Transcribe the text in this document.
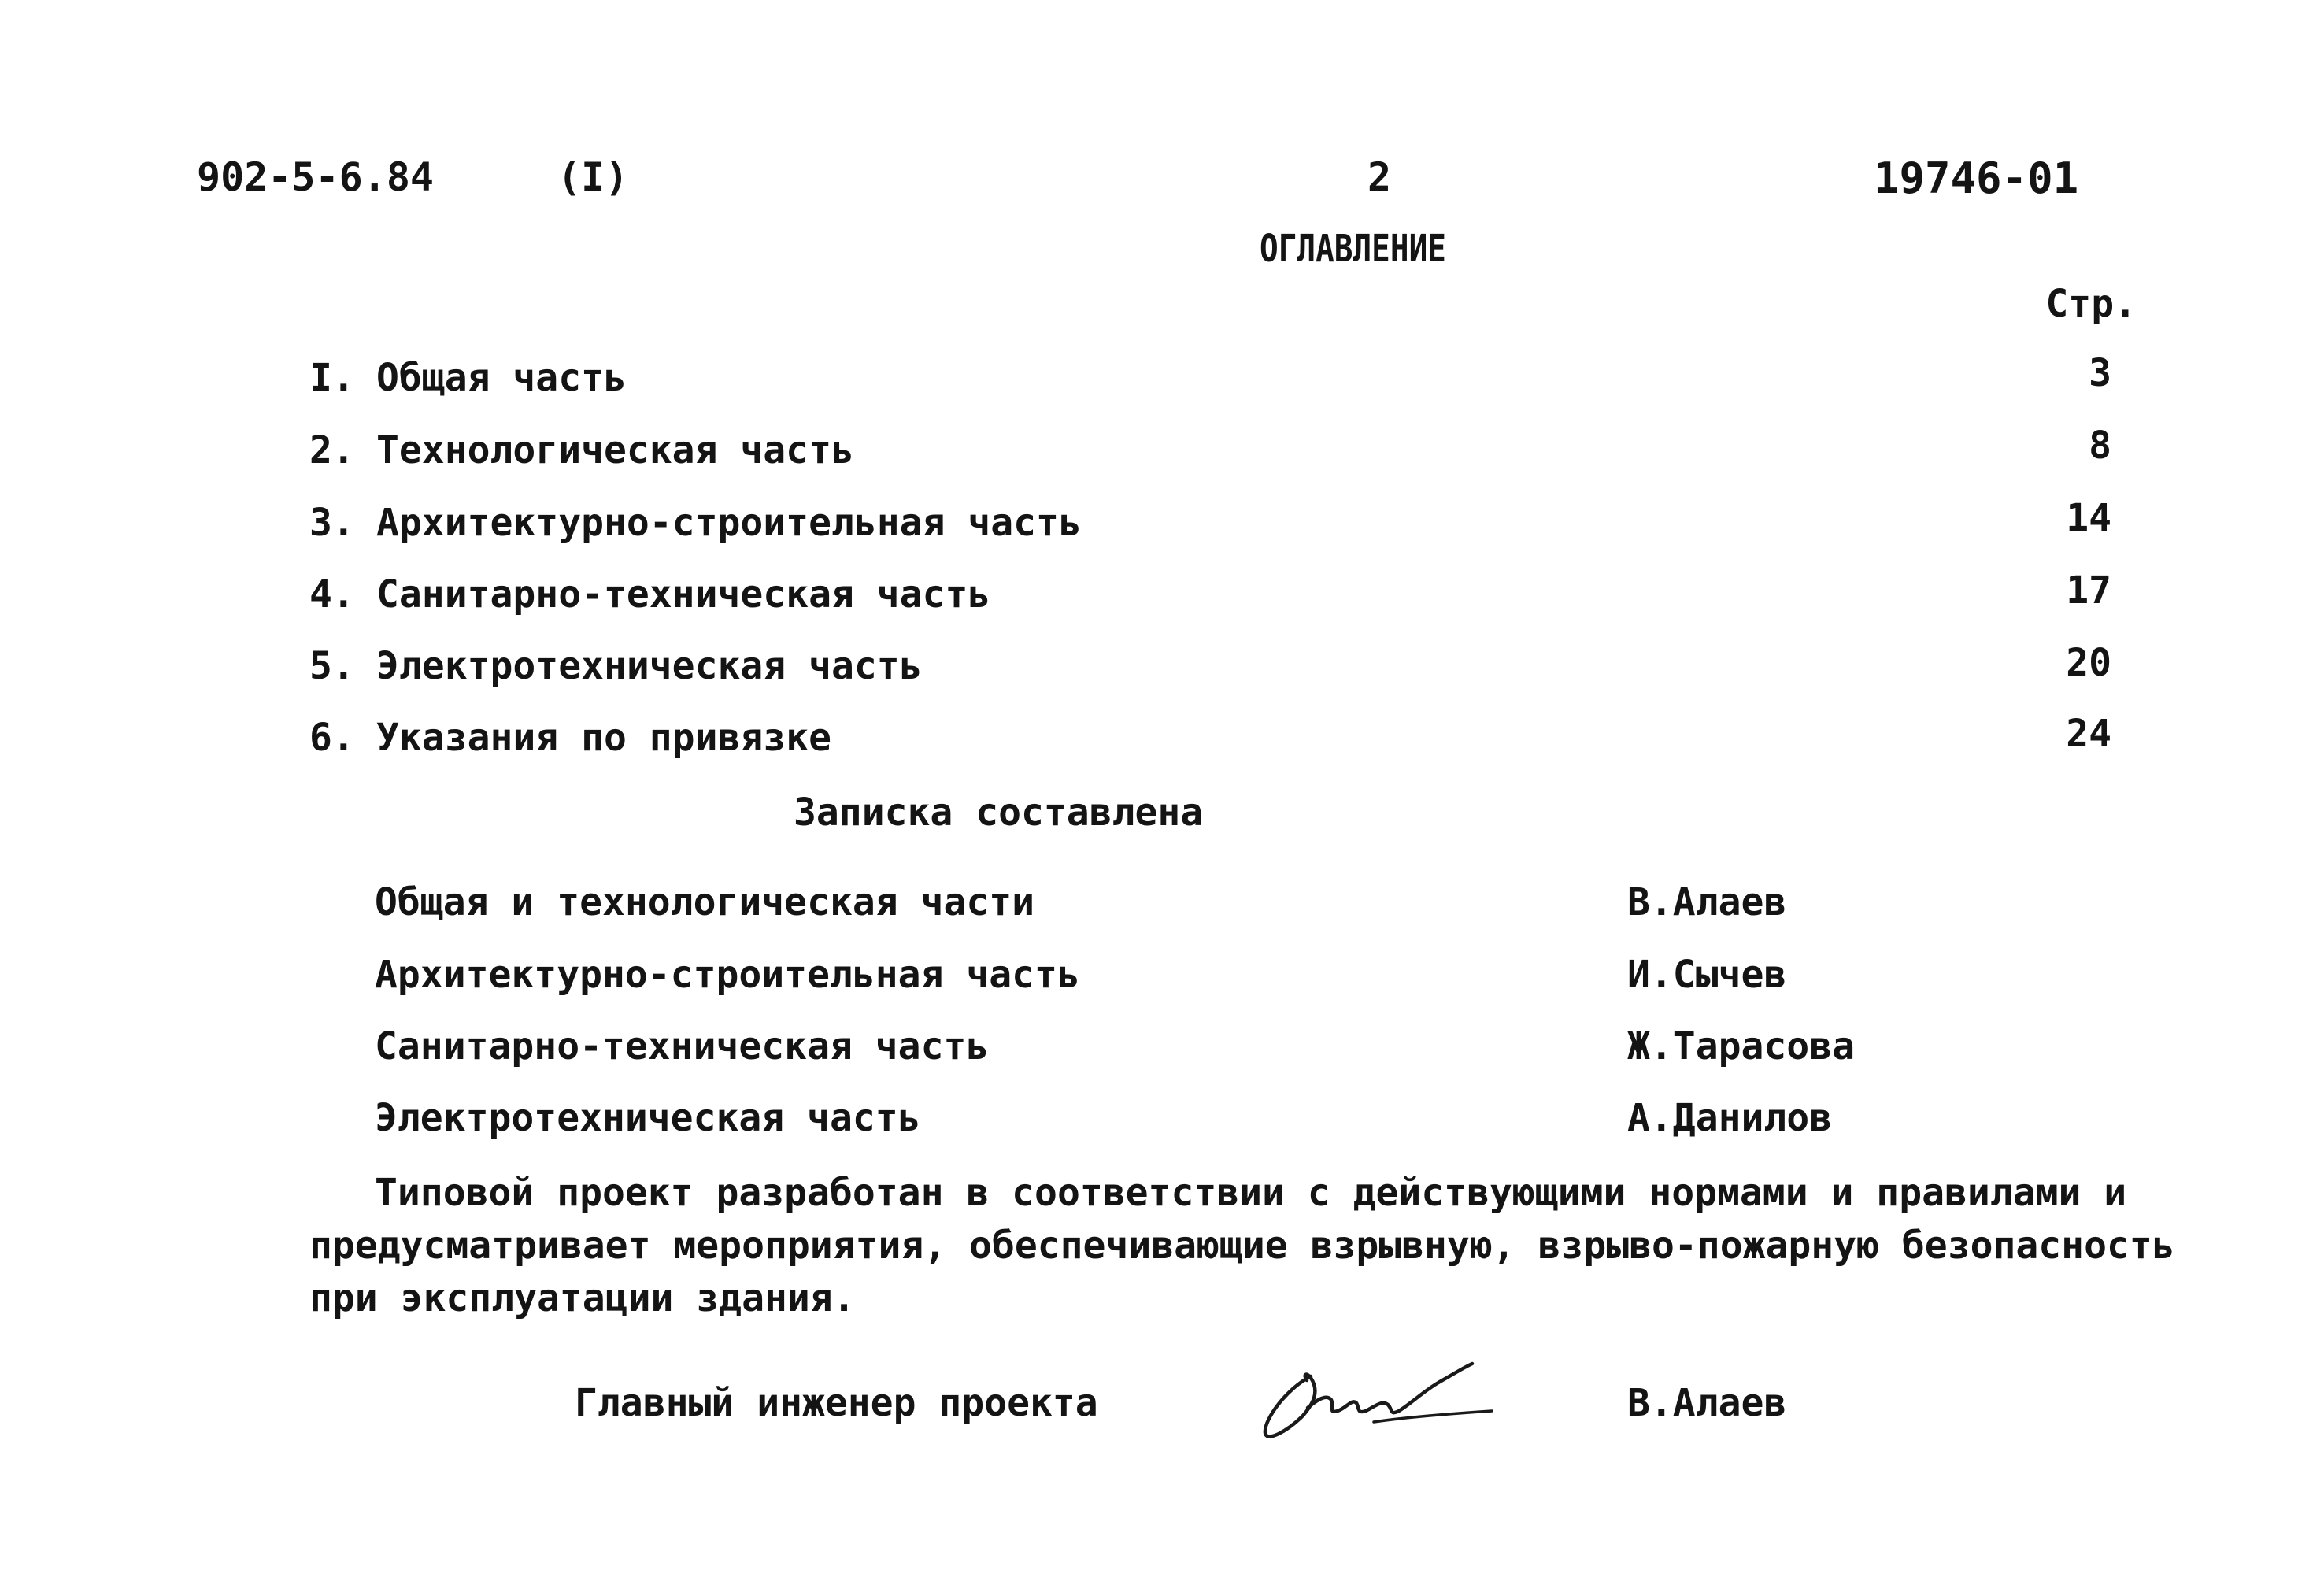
902-5-6.84	(I)	2	19746-01
ОГЛАВЛЕНИЕ
Стр.
I. Общая часть	3
2. Технологическая часть	8
3. Архитектурно-строительная часть	14
4. Санитарно-техническая часть	17
5. Электротехническая часть	20
6. Указания по привязке	24
Записка составлена
Общая и технологическая части	В.Алаев
Архитектурно-строительная часть	И.Сычев
Санитарно-техническая часть	Ж.Тарасова
Электротехническая часть	А.Данилов
Типовой проект разработан в соответствии с действующими нормами и правилами и
предусматривает мероприятия, обеспечивающие взрывную, взрыво-пожарную безопасность
при эксплуатации здания.
Главный инженер проекта	В.Алаев
